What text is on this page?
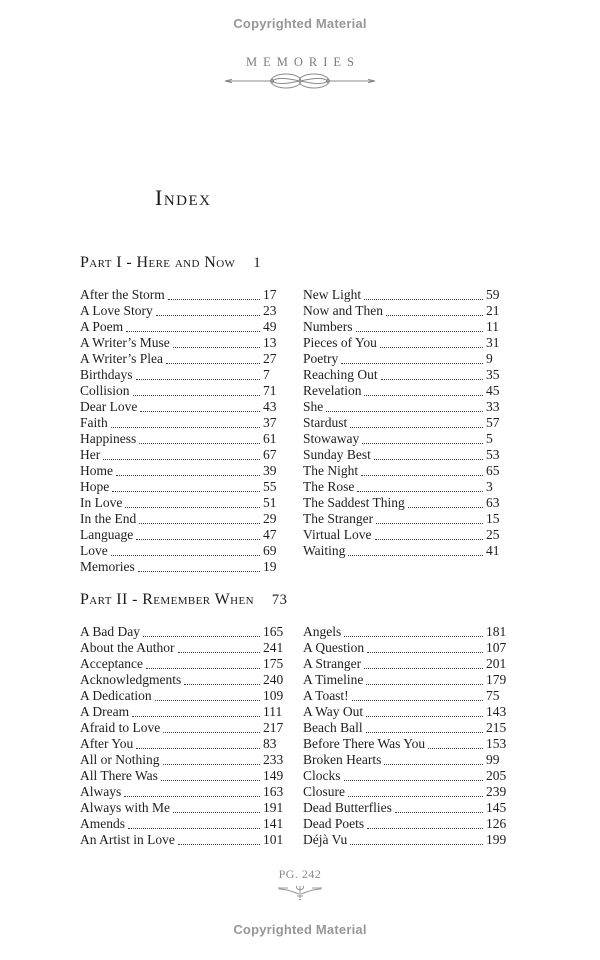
Copyrighted Material
MEMORIES
Index
Part I - Here and Now 1
After the Storm	17
A Love Story	23
A Poem	49
A Writer’s Muse	13
A Writer’s Plea	27
Birthdays	7
Collision	71
Dear Love	43
Faith	37
Happiness	61
Her	67
Home	39
Hope	55
In Love	51
In the End	29
Language	47
Love	69
Memories	19
New Light	59
Now and Then	21
Numbers	11
Pieces of You	31
Poetry	9
Reaching Out	35
Revelation	45
She	33
Stardust	57
Stowaway	5
Sunday Best	53
The Night	65
The Rose	3
The Saddest Thing	63
The Stranger	15
Virtual Love	25
Waiting	41
Part II - Remember When 73
A Bad Day	165
About the Author	241
Acceptance	175
Acknowledgments	240
A Dedication	109
A Dream	111
Afraid to Love	217
After You	83
All or Nothing	233
All There Was	149
Always	163
Always with Me	191
Amends	141
An Artist in Love	101
Angels	181
A Question	107
A Stranger	201
A Timeline	179
A Toast!	75
A Way Out	143
Beach Ball	215
Before There Was You	153
Broken Hearts	99
Clocks	205
Closure	239
Dead Butterflies	145
Dead Poets	126
Déjà Vu	199
PG. 242
Copyrighted Material
